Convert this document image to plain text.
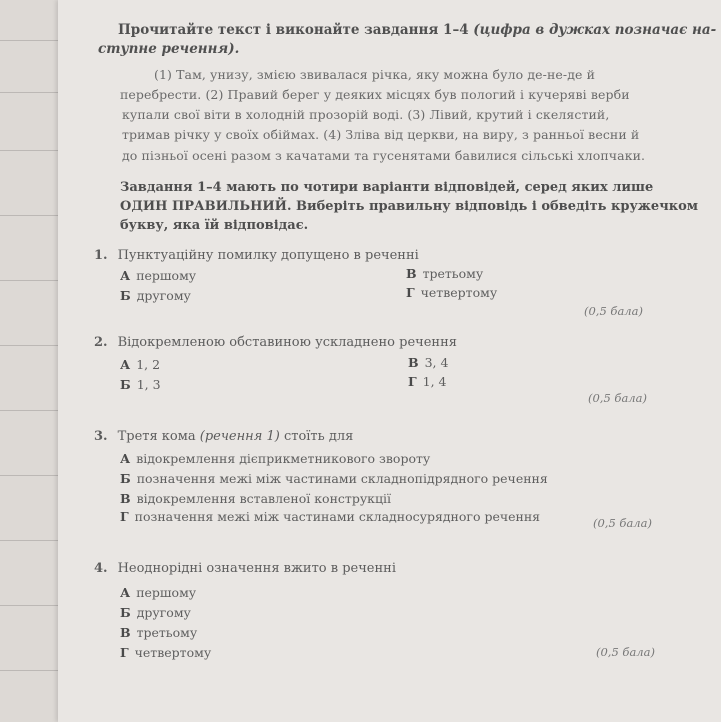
Прочитайте текст і виконайте завдання 1–4 (цифра в дужках позначає на-
ступне речення).
(1) Там, унизу, змією звивалася річка, яку можна було де-не-де й
перебрести. (2) Правий берег у деяких місцях був пологий і кучеряві верби
купали свої віти в холодній прозорій воді. (3) Лівий, крутий і скелястий,
тримав річку у своїх обіймах. (4) Зліва від церкви, на виру, з ранньої весни й
до пізньої осені разом з качатами та гусенятами бавилися сільські хлопчаки.
Завдання 1–4 мають по чотири варіанти відповідей, серед яких лише
ОДИН ПРАВИЛЬНИЙ. Виберіть правильну відповідь і обведіть кружечком
букву, яка їй відповідає.
1. Пунктуаційну помилку допущено в реченні
А першому	В третьому
Б другому	Г четвертому
(0,5 бала)
2. Відокремленою обставиною ускладнено речення
А 1, 2	В 3, 4
Б 1, 3	Г 1, 4
(0,5 бала)
3. Третя кома (речення 1) стоїть для
А відокремлення дієприкметникового звороту
Б позначення межі між частинами складнопідрядного речення
В відокремлення вставленої конструкції
Г позначення межі між частинами складносурядного речення	(0,5 бала)
4. Неоднорідні означення вжито в реченні
А першому
Б другому
В третьому
Г четвертому	(0,5 бала)
